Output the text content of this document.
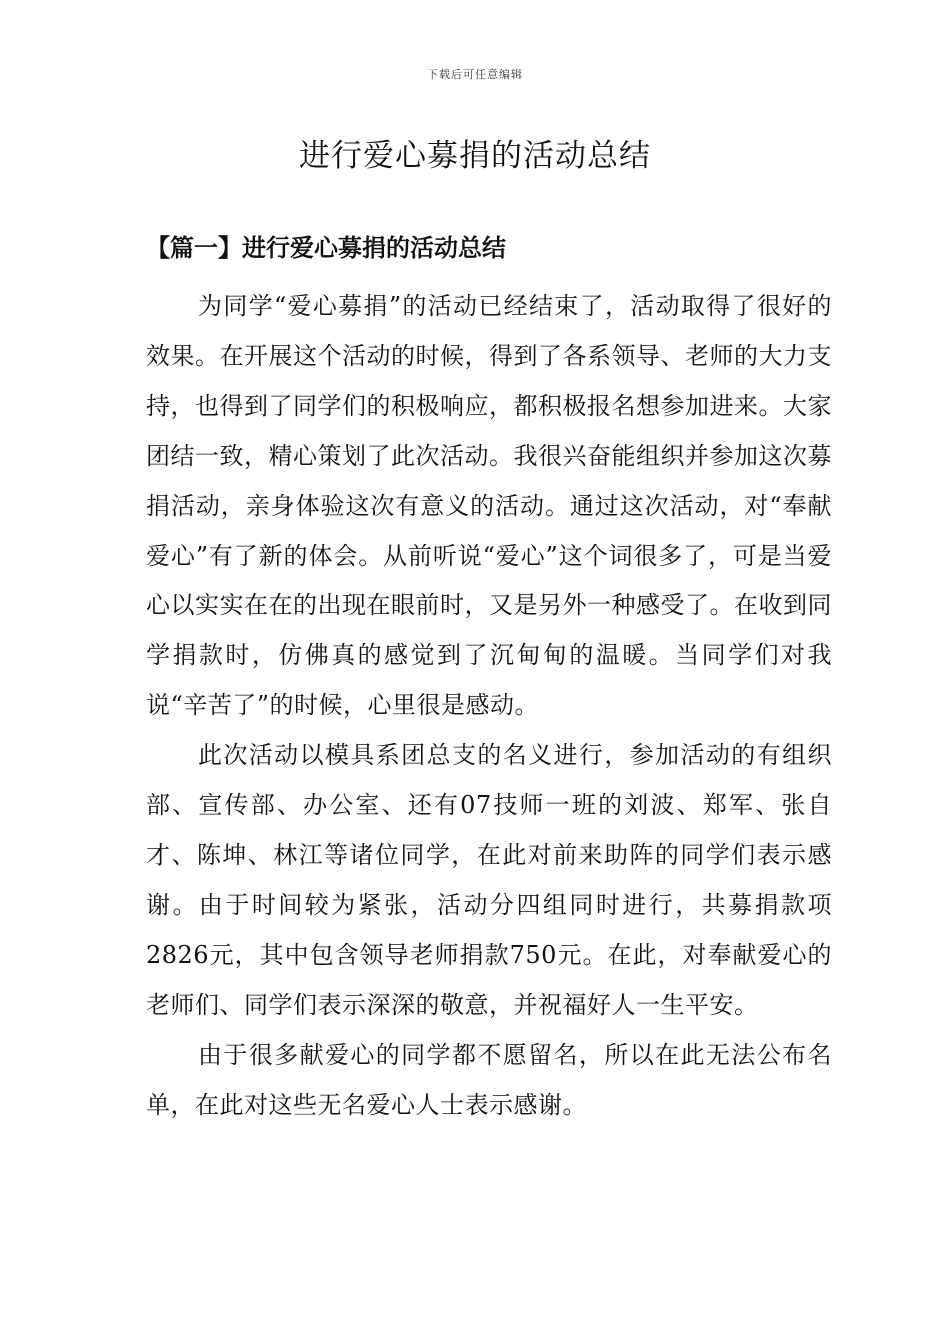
下载后可任意编辑
进行爱心募捐的活动总结
【篇一】进行爱心募捐的活动总结

为同学“爱心募捐”的活动已经结束了，活动取得了很好的效果。在开展这个活动的时候，得到了各系领导、老师的大力支持，也得到了同学们的积极响应，都积极报名想参加进来。大家团结一致，精心策划了此次活动。我很兴奋能组织并参加这次募捐活动，亲身体验这次有意义的活动。通过这次活动，对“奉献爱心”有了新的体会。从前听说“爱心”这个词很多了，可是当爱心以实实在在的出现在眼前时，又是另外一种感受了。在收到同学捐款时，仿佛真的感觉到了沉甸甸的温暖。当同学们对我说“辛苦了”的时候，心里很是感动。

此次活动以模具系团总支的名义进行，参加活动的有组织部、宣传部、办公室、还有07技师一班的刘波、郑军、张自才、陈坤、林江等诸位同学，在此对前来助阵的同学们表示感谢。由于时间较为紧张，活动分四组同时进行，共募捐款项2826元，其中包含领导老师捐款750元。在此，对奉献爱心的老师们、同学们表示深深的敬意，并祝福好人一生平安。

由于很多献爱心的同学都不愿留名，所以在此无法公布名单，在此对这些无名爱心人士表示感谢。
